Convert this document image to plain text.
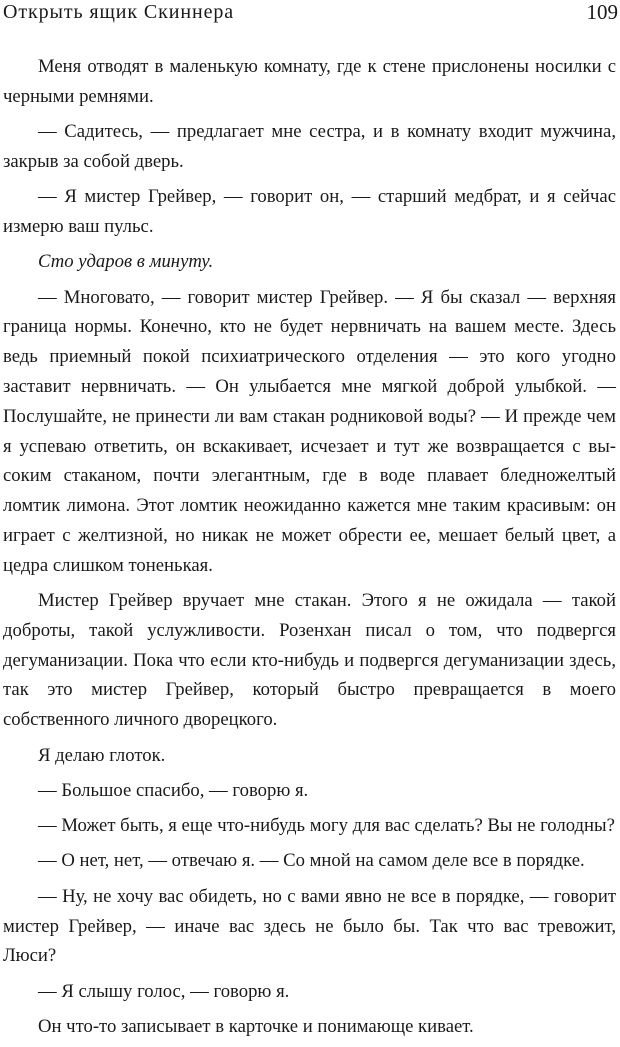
Открыть ящик Скиннера	109

Меня отводят в маленькую комнату, где к стене прислонены носилки с черными ремнями.

— Садитесь, — предлагает мне сестра, и в комнату входит мужчина, закрыв за собой дверь.

— Я мистер Грейвер, — говорит он, — старший медбрат, и я сейчас измерю ваш пульс.

Сто ударов в минуту.

— Многовато, — говорит мистер Грейвер. — Я бы сказал — верхняя граница нормы. Конечно, кто не будет нервничать на вашем месте. Здесь ведь приемный покой психиатрического отделения — это кого угодно заставит нервничать. — Он улыбается мне мягкой доброй улыбкой. — Послушайте, не принести ли вам стакан родниковой воды? — И прежде чем я успеваю ответить, он вскакивает, исчезает и тут же возвращается с высоким стаканом, почти элегантным, где в воде плавает бледножелтый ломтик лимона. Этот ломтик неожиданно кажется мне таким красивым: он играет с желтизной, но никак не может обрести ее, мешает белый цвет, а цедра слишком тоненькая.

Мистер Грейвер вручает мне стакан. Этого я не ожидала — такой доброты, такой услужливости. Розенхан писал о том, что подвергся дегуманизации. Пока что если кто-нибудь и подвергся дегуманизации здесь, так это мистер Грейвер, который быстро превращается в моего собственного личного дворецкого.

Я делаю глоток.

— Большое спасибо, — говорю я.

— Может быть, я еще что-нибудь могу для вас сделать? Вы не голодны?

— О нет, нет, — отвечаю я. — Со мной на самом деле все в порядке.

— Ну, не хочу вас обидеть, но с вами явно не все в порядке, — говорит мистер Грейвер, — иначе вас здесь не было бы. Так что вас тревожит, Люси?

— Я слышу голос, — говорю я.

Он что-то записывает в карточке и понимающе кивает.
